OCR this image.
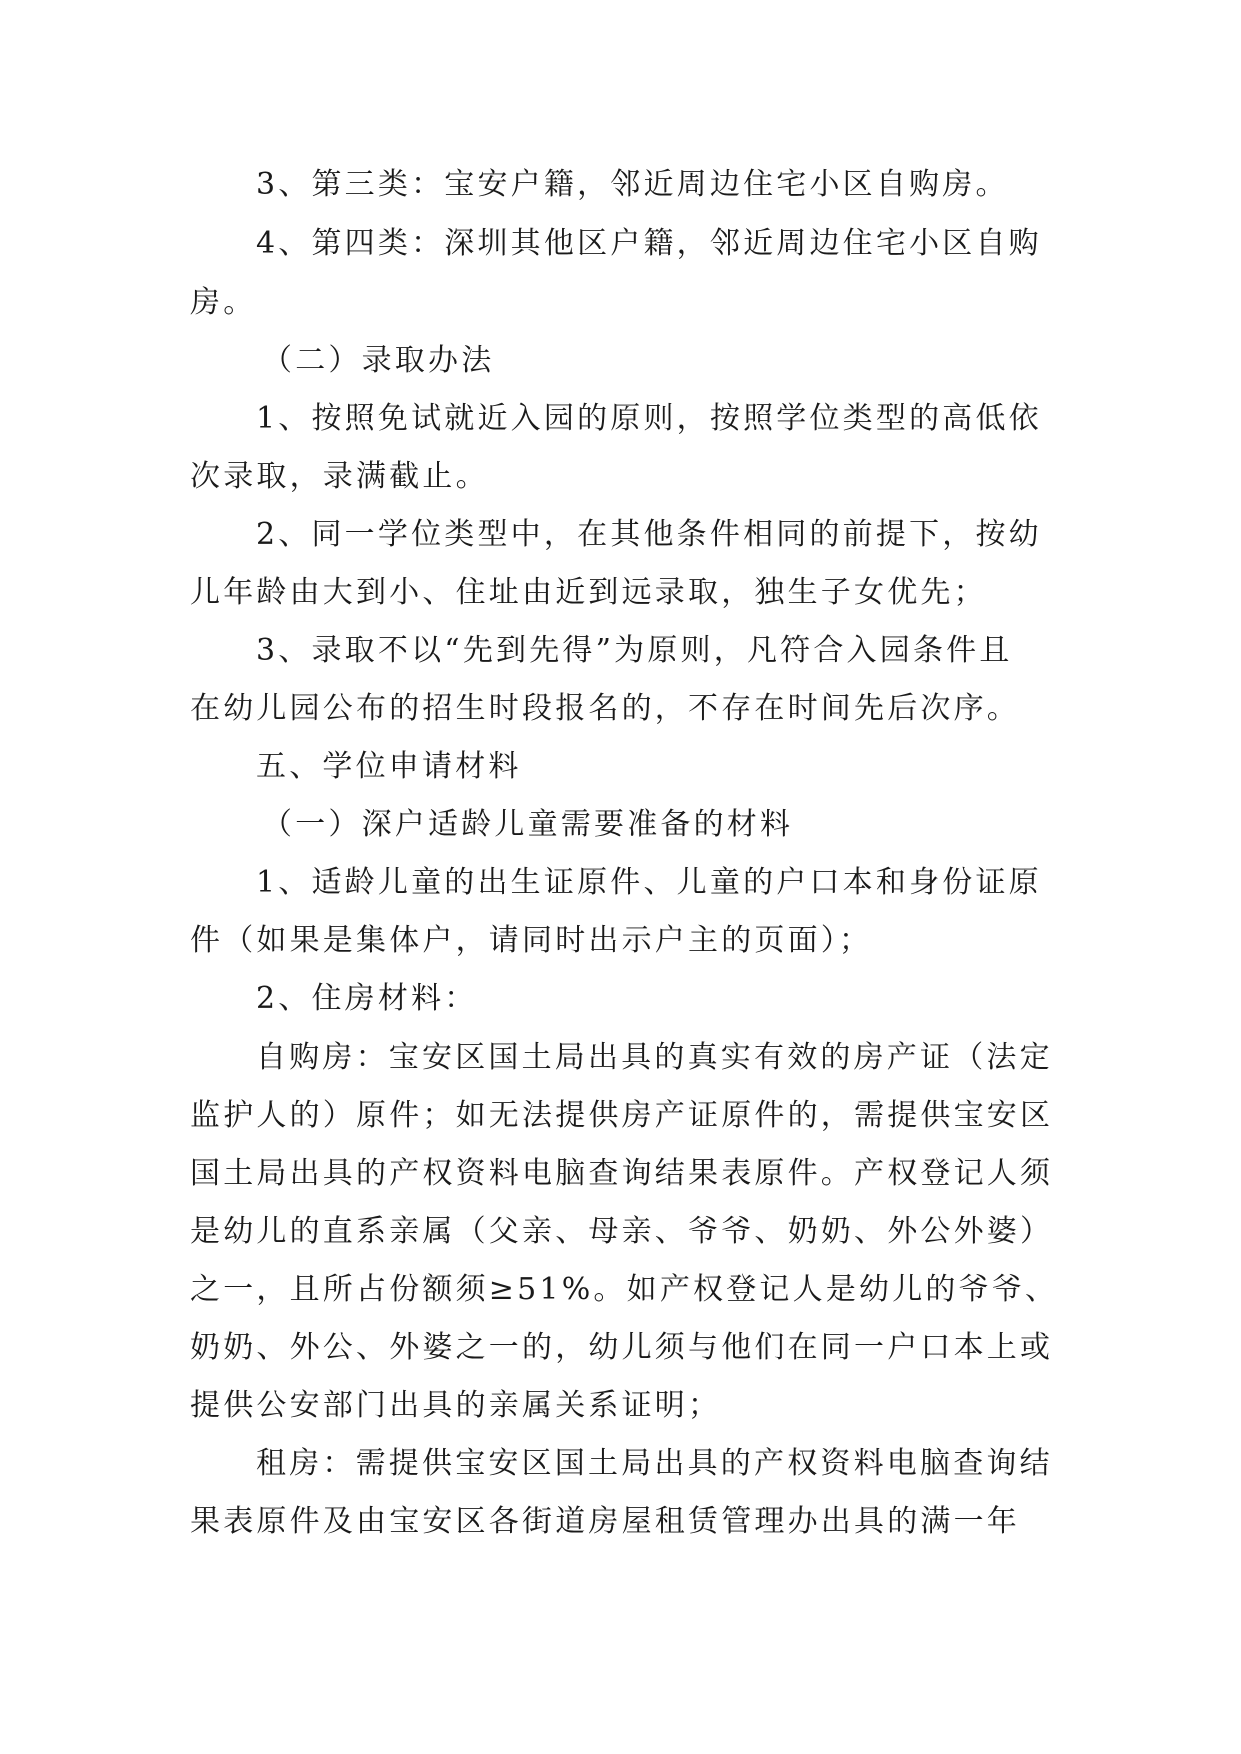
3、第三类：宝安户籍，邻近周边住宅小区自购房。
4、第四类：深圳其他区户籍，邻近周边住宅小区自购
房。
（二）录取办法
1、按照免试就近入园的原则，按照学位类型的高低依
次录取，录满截止。
2、同一学位类型中，在其他条件相同的前提下，按幼
儿年龄由大到小、住址由近到远录取，独生子女优先；
3、录取不以“先到先得”为原则，凡符合入园条件且
在幼儿园公布的招生时段报名的，不存在时间先后次序。
五、学位申请材料
（一）深户适龄儿童需要准备的材料
1、适龄儿童的出生证原件、儿童的户口本和身份证原
件（如果是集体户，请同时出示户主的页面）；
2、住房材料：
自购房：宝安区国土局出具的真实有效的房产证（法定
监护人的）原件；如无法提供房产证原件的，需提供宝安区
国土局出具的产权资料电脑查询结果表原件。产权登记人须
是幼儿的直系亲属（父亲、母亲、爷爷、奶奶、外公外婆）
之一，且所占份额须≥51%。如产权登记人是幼儿的爷爷、
奶奶、外公、外婆之一的，幼儿须与他们在同一户口本上或
提供公安部门出具的亲属关系证明；
租房：需提供宝安区国土局出具的产权资料电脑查询结
果表原件及由宝安区各街道房屋租赁管理办出具的满一年
